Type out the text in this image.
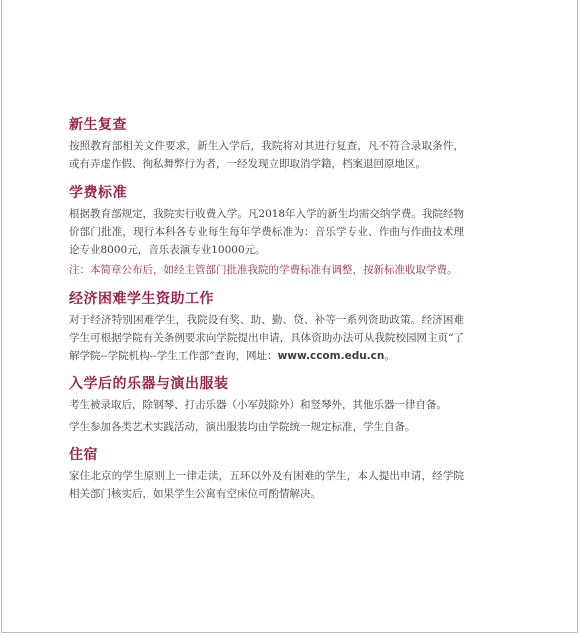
新生复查

按照教育部相关文件要求，新生入学后，我院将对其进行复查，凡不符合录取条件，或有弄虚作假、徇私舞弊行为者，一经发现立即取消学籍，档案退回原地区。

学费标准

根据教育部规定，我院实行收费入学。凡2018年入学的新生均需交纳学费。我院经物价部门批准，现行本科各专业每生每年学费标准为：音乐学专业、作曲与作曲技术理论专业8000元，音乐表演专业10000元。

注：本简章公布后，如经主管部门批准我院的学费标准有调整，按新标准收取学费。

经济困难学生资助工作

对于经济特别困难学生，我院设有奖、助、勤、贷、补等一系列资助政策。经济困难学生可根据学院有关条例要求向学院提出申请，具体资助办法可从我院校园网主页“了解学院--学院机构--学生工作部”查询，网址：www.ccom.edu.cn。

入学后的乐器与演出服装

考生被录取后，除钢琴、打击乐器（小军鼓除外）和竖琴外，其他乐器一律自备。

学生参加各类艺术实践活动，演出服装均由学院统一规定标准，学生自备。

住宿

家住北京的学生原则上一律走读，五环以外及有困难的学生，本人提出申请，经学院相关部门核实后，如果学生公寓有空床位可酌情解决。
